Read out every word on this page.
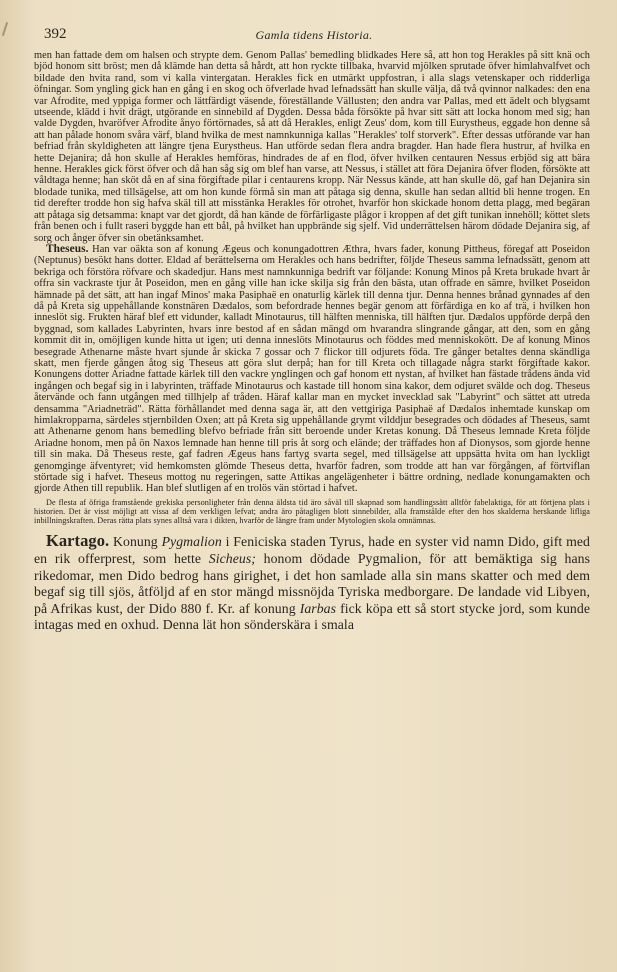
392	Gamla tidens Historia.

men han fattade dem om halsen och strypte dem. Genom Pallas' bemedling blidkades Here så, att hon tog Herakles på sitt knä och bjöd honom sitt bröst; men då klämde han detta så hårdt, att hon ryckte tillbaka, hvarvid mjölken sprutade öfver himlahvalfvet och bildade den hvita rand, som vi kalla vintergatan. Herakles fick en utmärkt uppfostran, i alla slags vetenskaper och ridderliga öfningar. Som yngling gick han en gång i en skog och öfverlade hvad lefnadssätt han skulle välja, då två qvinnor nalkades: den ena var Afrodite, med yppiga former och lättfärdigt väsende, föreställande Vällusten; den andra var Pallas, med ett ädelt och blygsamt utseende, klädd i hvit drägt, utgörande en sinnebild af Dygden. Dessa båda försökte på hvar sitt sätt att locka honom med sig; han valde Dygden, hvaröfver Afrodite ånyo förtörnades, så att då Herakles, enligt Zeus' dom, kom till Eurystheus, eggade hon denne så att han pålade honom svåra värf, bland hvilka de mest namnkunniga kallas "Herakles' tolf storverk". Efter dessas utförande var han befriad från skyldigheten att längre tjena Eurystheus. Han utförde sedan flera andra bragder. Han hade flera hustrur, af hvilka en hette Dejanira; då hon skulle af Herakles hemföras, hindrades de af en flod, öfver hvilken centauren Nessus erbjöd sig att bära henne. Herakles gick först öfver och då han såg sig om blef han varse, att Nessus, i stället att föra Dejanira öfver floden, försökte att våldtaga henne; han sköt då en af sina förgiftade pilar i centaurens kropp. När Nessus kände, att han skulle dö, gaf han Dejanira sin blodade tunika, med tillsägelse, att om hon kunde förmå sin man att påtaga sig denna, skulle han sedan alltid bli henne trogen. En tid derefter trodde hon sig hafva skäl till att misstänka Herakles för otrohet, hvarför hon skickade honom detta plagg, med begäran att påtaga sig detsamma: knapt var det gjordt, då han kände de förfärligaste plågor i kroppen af det gift tunikan innehöll; köttet slets från benen och i fullt raseri byggde han ett bål, på hvilket han uppbrände sig sjelf. Vid underrättelsen härom dödade Dejanira sig, af sorg och ånger öfver sin obetänksamhet.

Theseus. Han var oäkta son af konung Ægeus och konungadottren Æthra, hvars fader, konung Pittheus, föregaf att Poseidon (Neptunus) besökt hans dotter. Eldad af berättelserna om Herakles och hans bedrifter, följde Theseus samma lefnadssätt, genom att bekriga och förstöra röfvare och skadedjur. Hans mest namnkunniga bedrift var följande: Konung Minos på Kreta brukade hvart år offra sin vackraste tjur åt Poseidon, men en gång ville han icke skilja sig från den bästa, utan offrade en sämre, hvilket Poseidon hämnade på det sätt, att han ingaf Minos' maka Pasiphaë en onaturlig kärlek till denna tjur. Denna hennes brånad gynnades af den då på Kreta sig uppehållande konstnären Dædalos, som befordrade hennes begär genom att förfärdiga en ko af trä, i hvilken hon inneslöt sig. Frukten häraf blef ett vidunder, kalladt Minotaurus, till hälften menniska, till hälften tjur. Dædalos uppförde derpå den byggnad, som kallades Labyrinten, hvars inre bestod af en sådan mängd om hvarandra slingrande gångar, att den, som en gång kommit dit in, omöjligen kunde hitta ut igen; uti denna inneslöts Minotaurus och föddes med menniskokött. De af konung Minos besegrade Athenarne måste hvart sjunde år skicka 7 gossar och 7 flickor till odjurets föda. Tre gånger betaltes denna skändliga skatt, men fjerde gången åtog sig Theseus att göra slut derpå; han for till Kreta och tillagade några starkt förgiftade kakor. Konungens dotter Ariadne fattade kärlek till den vackre ynglingen och gaf honom ett nystan, af hvilket han fästade trådens ända vid ingången och begaf sig in i labyrinten, träffade Minotaurus och kastade till honom sina kakor, dem odjuret svälde och dog. Theseus återvände och fann utgången med tillhjelp af tråden. Häraf kallar man en mycket invecklad sak "Labyrint" och sättet att utreda densamma "Ariadneträd". Rätta förhållandet med denna saga är, att den vettgiriga Pasiphaë af Dædalos inhemtade kunskap om himlakropparna, särdeles stjernbilden Oxen; att på Kreta sig uppehållande grymt vilddjur besegrades och dödades af Theseus, samt att Athenarne genom hans bemedling blefvo befriade från sitt beroende under Kretas konung. Då Theseus lemnade Kreta följde Ariadne honom, men på ön Naxos lemnade han henne till pris åt sorg och elände; der träffades hon af Dionysos, som gjorde henne till sin maka. Då Theseus reste, gaf fadren Ægeus hans fartyg svarta segel, med tillsägelse att uppsätta hvita om han lyckligt genomginge äfventyret; vid hemkomsten glömde Theseus detta, hvarför fadren, som trodde att han var förgången, af förtviflan störtade sig i hafvet. Theseus mottog nu regeringen, satte Attikas angelägenheter i bättre ordning, nedlade konungamakten och gjorde Athen till republik. Han blef slutligen af en trolös vän störtad i hafvet.

De flesta af öfriga framstående grekiska personligheter från denna äldsta tid äro såväl till skapnad som handlingssätt alltför fabelaktiga, för att förtjena plats i historien. Det är visst möjligt att vissa af dem verkligen lefvat; andra äro påtagligen blott sinnebilder, alla framstålde efter den hos skalderna herskande lifliga inbillningskraften. Deras rätta plats synes alltså vara i dikten, hvarför de längre fram under Mytologien skola omnämnas.

Kartago. Konung Pygmalion i Feniciska staden Tyrus, hade en syster vid namn Dido, gift med en rik offerprest, som hette Sicheus; honom dödade Pygmalion, för att bemäktiga sig hans rikedomar, men Dido bedrog hans girighet, i det hon samlade alla sin mans skatter och med dem begaf sig till sjös, åtföljd af en stor mängd missnöjda Tyriska medborgare. De landade vid Libyen, på Afrikas kust, der Dido 880 f. Kr. af konung Iarbas fick köpa ett så stort stycke jord, som kunde intagas med en oxhud. Denna lät hon sönderskära i smala
